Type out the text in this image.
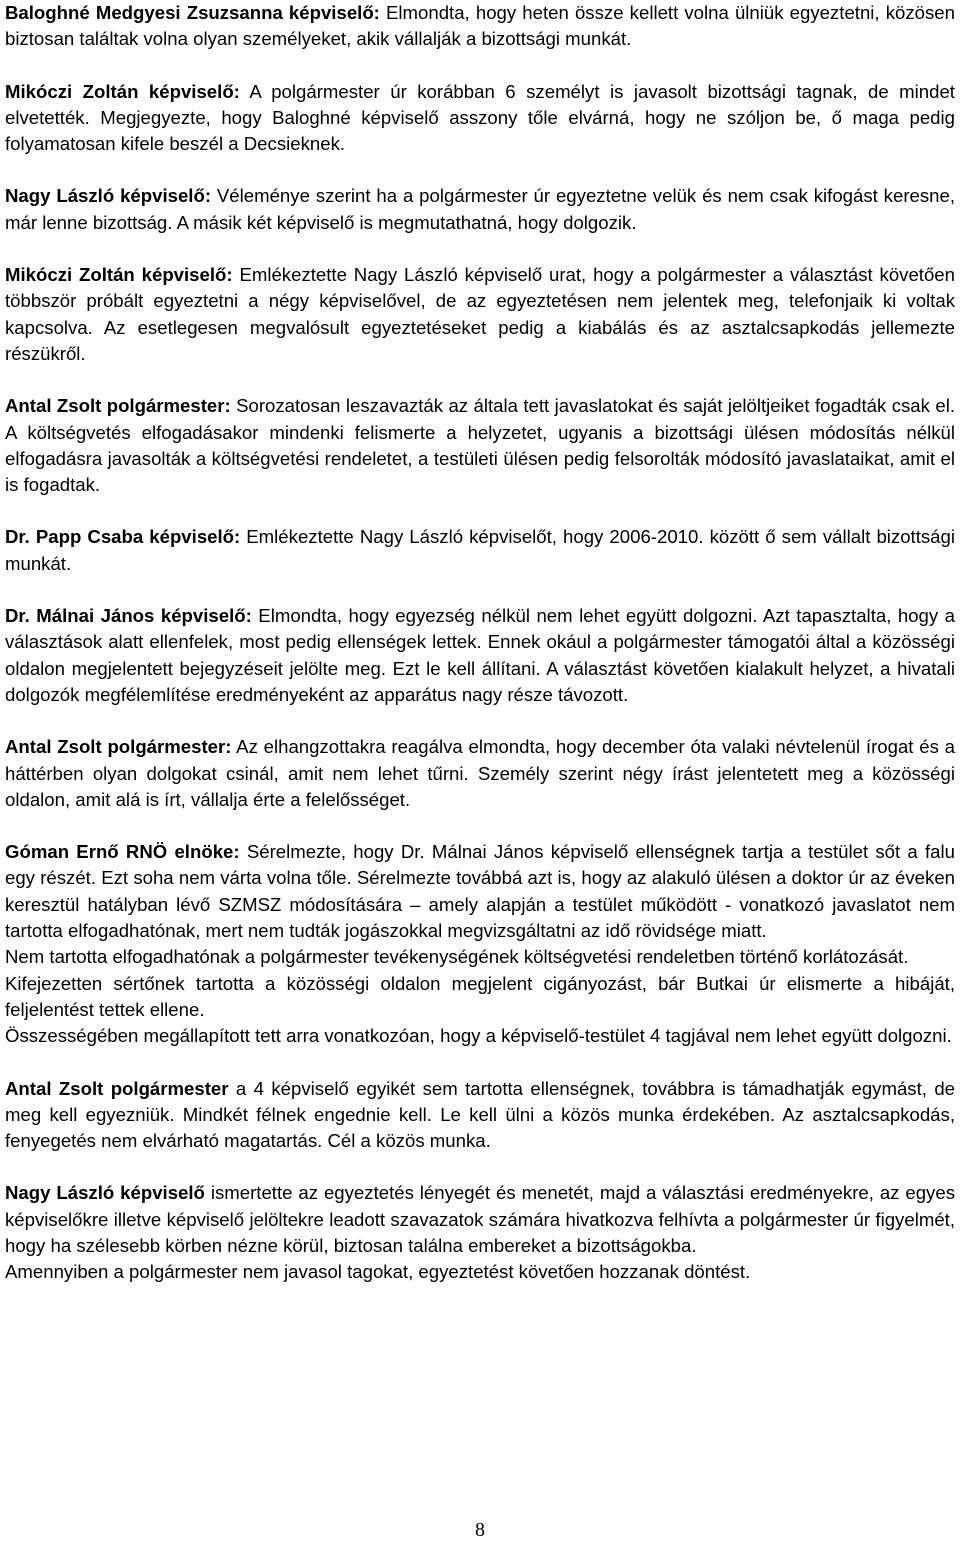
Baloghné Medgyesi Zsuzsanna képviselő: Elmondta, hogy heten össze kellett volna ülniük egyeztetni, közösen biztosan találtak volna olyan személyeket, akik vállalják a bizottsági munkát.

Mikóczi Zoltán képviselő: A polgármester úr korábban 6 személyt is javasolt bizottsági tagnak, de mindet elvetették. Megjegyezte, hogy Baloghné képviselő asszony tőle elvárná, hogy ne szóljon be, ő maga pedig folyamatosan kifele beszél a Decsieknek.

Nagy László képviselő: Véleménye szerint ha a polgármester úr egyeztetne velük és nem csak kifogást keresne, már lenne bizottság. A másik két képviselő is megmutathatná, hogy dolgozik.

Mikóczi Zoltán képviselő: Emlékeztette Nagy László képviselő urat, hogy a polgármester a választást követően többször próbált egyeztetni a négy képviselővel, de az egyeztetésen nem jelentek meg, telefonjaik ki voltak kapcsolva. Az esetlegesen megvalósult egyeztetéseket pedig a kiabálás és az asztalcsapkodás jellemezte részükről.

Antal Zsolt polgármester: Sorozatosan leszavazták az általa tett javaslatokat és saját jelöltjeiket fogadták csak el. A költségvetés elfogadásakor mindenki felismerte a helyzetet, ugyanis a bizottsági ülésen módosítás nélkül elfogadásra javasolták a költségvetési rendeletet, a testületi ülésen pedig felsorolták módosító javaslataikat, amit el is fogadtak.

Dr. Papp Csaba képviselő: Emlékeztette Nagy László képviselőt, hogy 2006-2010. között ő sem vállalt bizottsági munkát.

Dr. Málnai János képviselő: Elmondta, hogy egyezség nélkül nem lehet együtt dolgozni. Azt tapasztalta, hogy a választások alatt ellenfelek, most pedig ellenségek lettek. Ennek okául a polgármester támogatói által a közösségi oldalon megjelentett bejegyzéseit jelölte meg. Ezt le kell állítani. A választást követően kialakult helyzet, a hivatali dolgozók megfélemlítése eredményeként az apparátus nagy része távozott.

Antal Zsolt polgármester: Az elhangzottakra reagálva elmondta, hogy december óta valaki névtelenül írogat és a háttérben olyan dolgokat csinál, amit nem lehet tűrni. Személy szerint négy írást jelentetett meg a közösségi oldalon, amit alá is írt, vállalja érte a felelősséget.

Góman Ernő RNÖ elnöke: Sérelmezte, hogy Dr. Málnai János képviselő ellenségnek tartja a testület sőt a falu egy részét. Ezt soha nem várta volna tőle. Sérelmezte továbbá azt is, hogy az alakuló ülésen a doktor úr az éveken keresztül hatályban lévő SZMSZ módosítására – amely alapján a testület működött - vonatkozó javaslatot nem tartotta elfogadhatónak, mert nem tudták jogászokkal megvizsgáltatni az idő rövidsége miatt.

Nem tartotta elfogadhatónak a polgármester tevékenységének költségvetési rendeletben történő korlátozását.

Kifejezetten sértőnek tartotta a közösségi oldalon megjelent cigányozást, bár Butkai úr elismerte a hibáját, feljelentést tettek ellene.

Összességében megállapított tett arra vonatkozóan, hogy a képviselő-testület 4 tagjával nem lehet együtt dolgozni.

Antal Zsolt polgármester a 4 képviselő egyikét sem tartotta ellenségnek, továbbra is támadhatják egymást, de meg kell egyezniük. Mindkét félnek engednie kell. Le kell ülni a közös munka érdekében. Az asztalcsapkodás, fenyegetés nem elvárható magatartás. Cél a közös munka.

Nagy László képviselő ismertette az egyeztetés lényegét és menetét, majd a választási eredményekre, az egyes képviselőkre illetve képviselő jelöltekre leadott szavazatok számára hivatkozva felhívta a polgármester úr figyelmét, hogy ha szélesebb körben nézne körül, biztosan találna embereket a bizottságokba.

Amennyiben a polgármester nem javasol tagokat, egyeztetést követően hozzanak döntést.

8
